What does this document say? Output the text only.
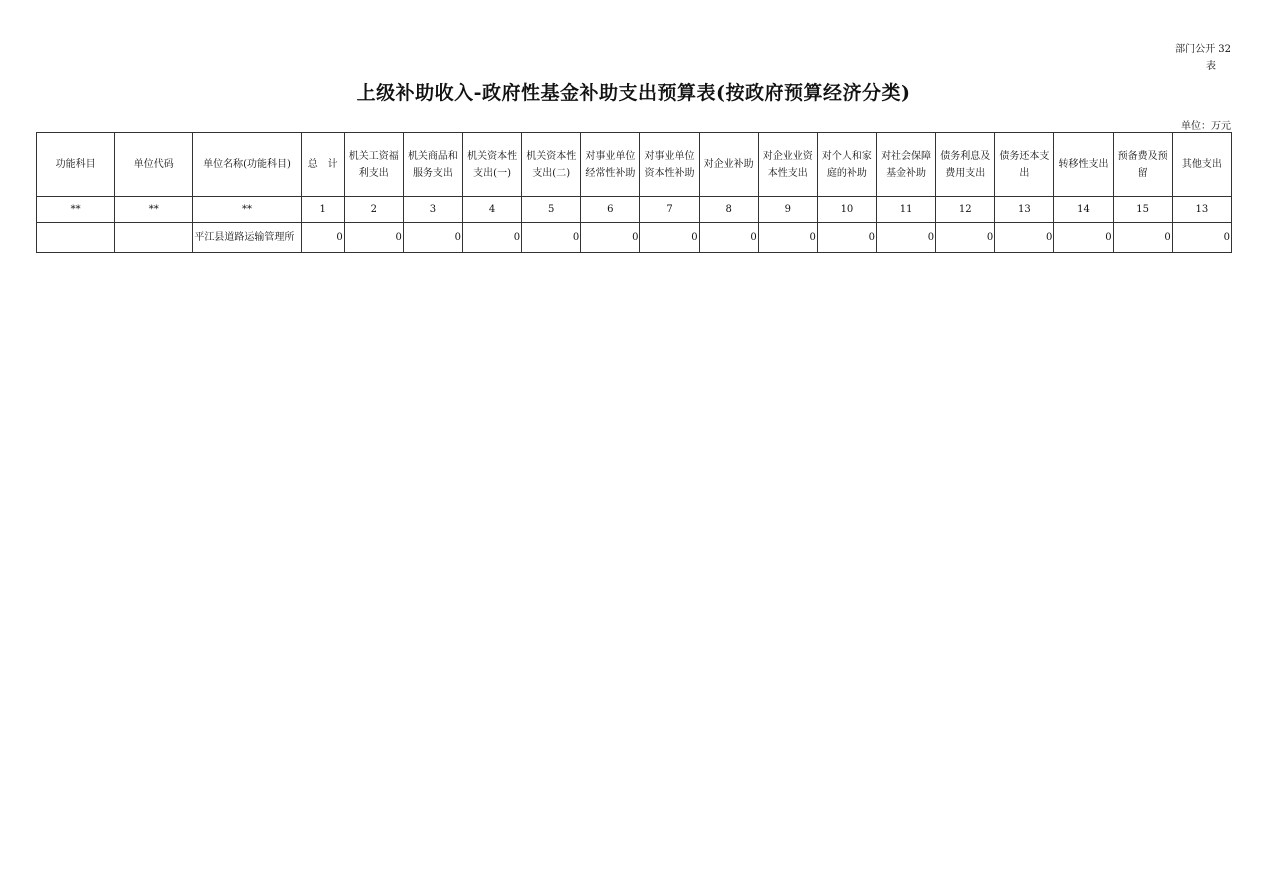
部门公开 32
表
上级补助收入-政府性基金补助支出预算表(按政府预算经济分类)
单位：万元
功能科目	单位代码	单位名称(功能科目)	总　计	机关工资福利支出	机关商品和服务支出	机关资本性支出(一)	机关资本性支出(二)	对事业单位经常性补助	对事业单位资本性补助	对企业补助	对企业业资本性支出	对个人和家庭的补助	对社会保障基金补助	债务利息及费用支出	债务还本支出	转移性支出	预备费及预留	其他支出
**	**	**	1	2	3	4	5	6	7	8	9	10	11	12	13	14	15	13
		平江县道路运输管理所	0	0	0	0	0	0	0	0	0	0	0	0	0	0	0	0
